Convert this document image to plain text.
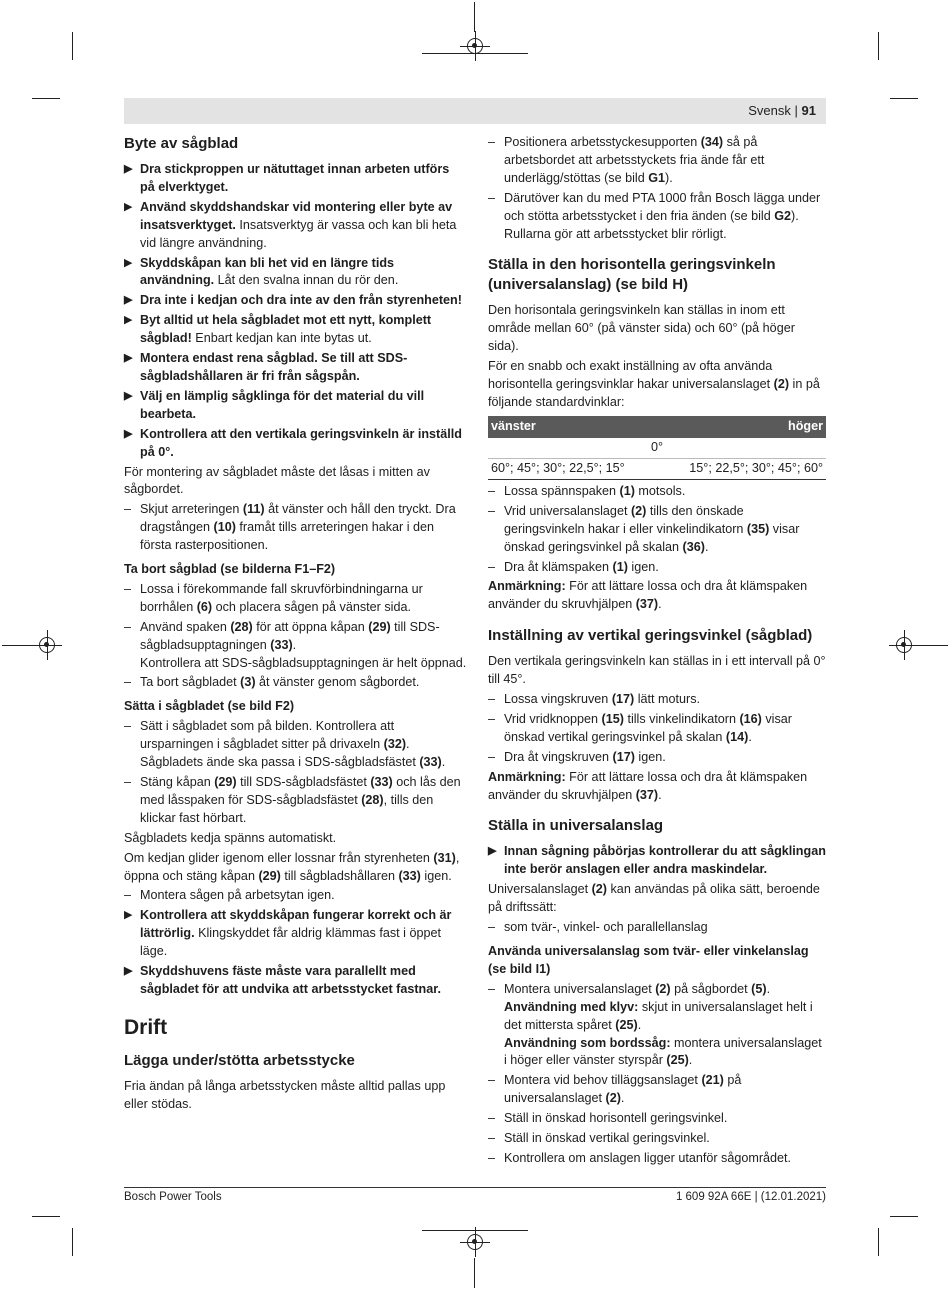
Svensk | 91
Byte av sågblad
▶ Dra stickproppen ur nätuttaget innan arbeten utförs på elverktyget.
▶ Använd skyddshandskar vid montering eller byte av insatsverktyget. Insatsverktyg är vassa och kan bli heta vid längre användning.
▶ Skyddskåpan kan bli het vid en längre tids användning. Låt den svalna innan du rör den.
▶ Dra inte i kedjan och dra inte av den från styrenheten!
▶ Byt alltid ut hela sågbladet mot ett nytt, komplett sågblad! Enbart kedjan kan inte bytas ut.
▶ Montera endast rena sågblad. Se till att SDS-sågbladshållaren är fri från sågspån.
▶ Välj en lämplig sågklinga för det material du vill bearbeta.
▶ Kontrollera att den vertikala geringsvinkeln är inställd på 0°.

För montering av sågbladet måste det låsas i mitten av sågbordet.

– Skjut arreteringen (11) åt vänster och håll den tryckt. Dra dragstången (10) framåt tills arreteringen hakar i den första rasterpositionen.
Ta bort sågblad (se bilderna F1–F2)
– Lossa i förekommande fall skruvförbindningarna ur borrhålen (6) och placera sågen på vänster sida.
– Använd spaken (28) för att öppna kåpan (29) till SDS-sågbladsupptagningen (33).
Kontrollera att SDS-sågbladsupptagningen är helt öppnad.
– Ta bort sågbladet (3) åt vänster genom sågbordet.
Sätta i sågbladet (se bild F2)
– Sätt i sågbladet som på bilden. Kontrollera att ursparningen i sågbladet sitter på drivaxeln (32). Sågbladets ände ska passa i SDS-sågbladsfästet (33).
– Stäng kåpan (29) till SDS-sågbladsfästet (33) och lås den med låsspaken för SDS-sågbladsfästet (28), tills den klickar fast hörbart.

Sågbladets kedja spänns automatiskt.

Om kedjan glider igenom eller lossnar från styrenheten (31), öppna och stäng kåpan (29) till sågbladshållaren (33) igen.

– Montera sågen på arbetsytan igen.
▶ Kontrollera att skyddskåpan fungerar korrekt och är lättrörlig. Klingskyddet får aldrig klämmas fast i öppet läge.
▶ Skyddshuvens fäste måste vara parallellt med sågbladet för att undvika att arbetsstycket fastnar.
Drift
Lägga under/stötta arbetsstycke

Fria ändan på långa arbetsstycken måste alltid pallas upp eller stödas.

– Positionera arbetsstyckesupporten (34) så på arbetsbordet att arbetsstyckets fria ände får ett underlägg/stöttas (se bild G1).
– Därutöver kan du med PTA 1000 från Bosch lägga under och stötta arbetsstycket i den fria änden (se bild G2). Rullarna gör att arbetsstycket blir rörligt.
Ställa in den horisontella geringsvinkeln (universalanslag) (se bild H)

Den horisontala geringsvinkeln kan ställas in inom ett område mellan 60° (på vänster sida) och 60° (på höger sida).

För en snabb och exakt inställning av ofta använda horisontella geringsvinklar hakar universalanslaget (2) in på följande standardvinklar:

vänster	höger
0°	
60°; 45°; 30°; 22,5°; 15°	15°; 22,5°; 30°; 45°; 60°
– Lossa spännspaken (1) motsols.
– Vrid universalanslaget (2) tills den önskade geringsvinkeln hakar i eller vinkelindikatorn (35) visar önskad geringsvinkel på skalan (36).
– Dra åt klämspaken (1) igen.

Anmärkning: För att lättare lossa och dra åt klämspaken använder du skruvhjälpen (37).

Inställning av vertikal geringsvinkel (sågblad)

Den vertikala geringsvinkeln kan ställas in i ett intervall på 0° till 45°.

– Lossa vingskruven (17) lätt moturs.
– Vrid vridknoppen (15) tills vinkelindikatorn (16) visar önskad vertikal geringsvinkel på skalan (14).
– Dra åt vingskruven (17) igen.

Anmärkning: För att lättare lossa och dra åt klämspaken använder du skruvhjälpen (37).

Ställa in universalanslag
▶ Innan sågning påbörjas kontrollerar du att sågklingan inte berör anslagen eller andra maskindelar.

Universalanslaget (2) kan användas på olika sätt, beroende på driftssätt:

– som tvär-, vinkel- och parallellanslag
Använda universalanslag som tvär- eller vinkelanslag (se bild I1)
– Montera universalanslaget (2) på sågbordet (5).
Användning med klyv: skjut in universalanslaget helt i det mittersta spåret (25).
Användning som bordssåg: montera universalanslaget i höger eller vänster styrspår (25).
– Montera vid behov tilläggsanslaget (21) på universalanslaget (2).
– Ställ in önskad horisontell geringsvinkel.
– Ställ in önskad vertikal geringsvinkel.
– Kontrollera om anslagen ligger utanför sågområdet.
Bosch Power Tools	1 609 92A 66E | (12.01.2021)
